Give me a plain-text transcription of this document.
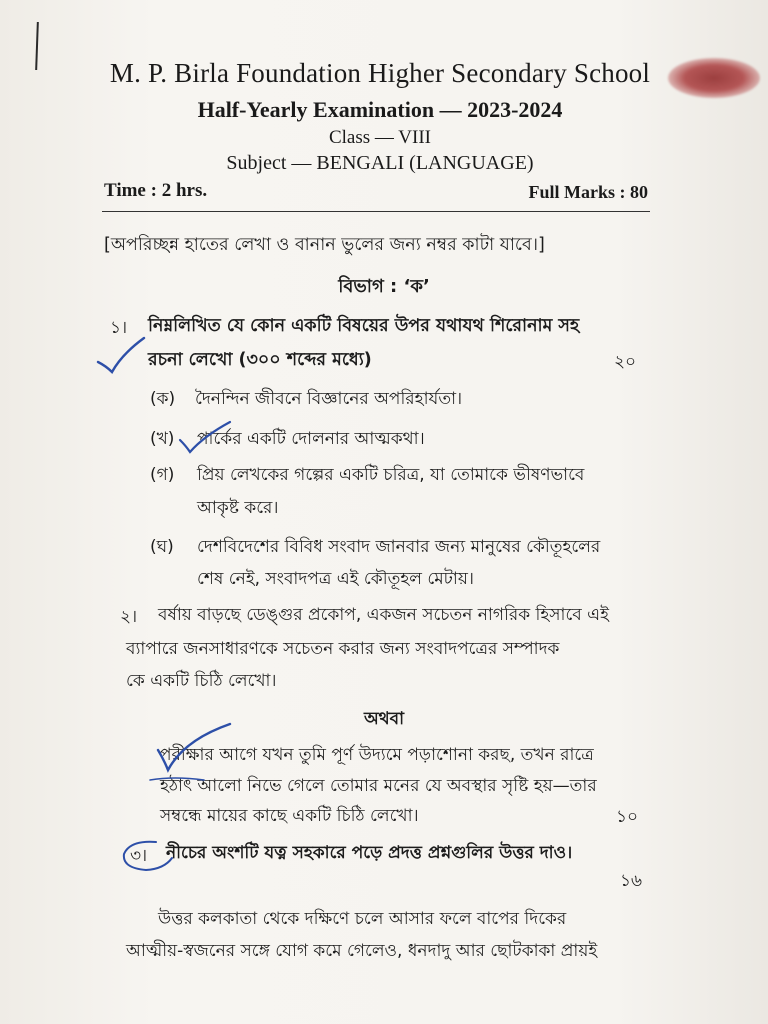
M. P. Birla Foundation Higher Secondary School
Half-Yearly Examination — 2023-2024
Class — VIII
Subject — BENGALI (LANGUAGE)
Time : 2 hrs.	Full Marks : 80
[অপরিচ্ছন্ন হাতের লেখা ও বানান ভুলের জন্য নম্বর কাটা যাবে।]
বিভাগ : ‘ক’
১। নিম্নলিখিত যে কোন একটি বিষয়ের উপর যথাযথ শিরোনাম সহ
রচনা লেখো (৩০০ শব্দের মধ্যে)	২০
(ক) দৈনন্দিন জীবনে বিজ্ঞানের অপরিহার্যতা।
(খ) পার্কের একটি দোলনার আত্মকথা।
(গ) প্রিয় লেখকের গল্পের একটি চরিত্র, যা তোমাকে ভীষণভাবে
আকৃষ্ট করে।
(ঘ) দেশবিদেশের বিবিধ সংবাদ জানবার জন্য মানুষের কৌতূহলের
শেষ নেই, সংবাদপত্র এই কৌতূহল মেটায়।
২। বর্ষায় বাড়ছে ডেঙ্গুর প্রকোপ, একজন সচেতন নাগরিক হিসাবে এই
ব্যাপারে জনসাধারণকে সচেতন করার জন্য সংবাদপত্রের সম্পাদক
কে একটি চিঠি লেখো।
অথবা
পরীক্ষার আগে যখন তুমি পূর্ণ উদ্যমে পড়াশোনা করছ, তখন রাত্রে
হঠাৎ আলো নিভে গেলে তোমার মনের যে অবস্থার সৃষ্টি হয়—তার
সম্বন্ধে মায়ের কাছে একটি চিঠি লেখো।	১০
৩। নীচের অংশটি যত্ন সহকারে পড়ে প্রদত্ত প্রশ্নগুলির উত্তর দাও।
১৬
উত্তর কলকাতা থেকে দক্ষিণে চলে আসার ফলে বাপের দিকের
আত্মীয়-স্বজনের সঙ্গে যোগ কমে গেলেও, ধনদাদু আর ছোটকাকা প্রায়ই
